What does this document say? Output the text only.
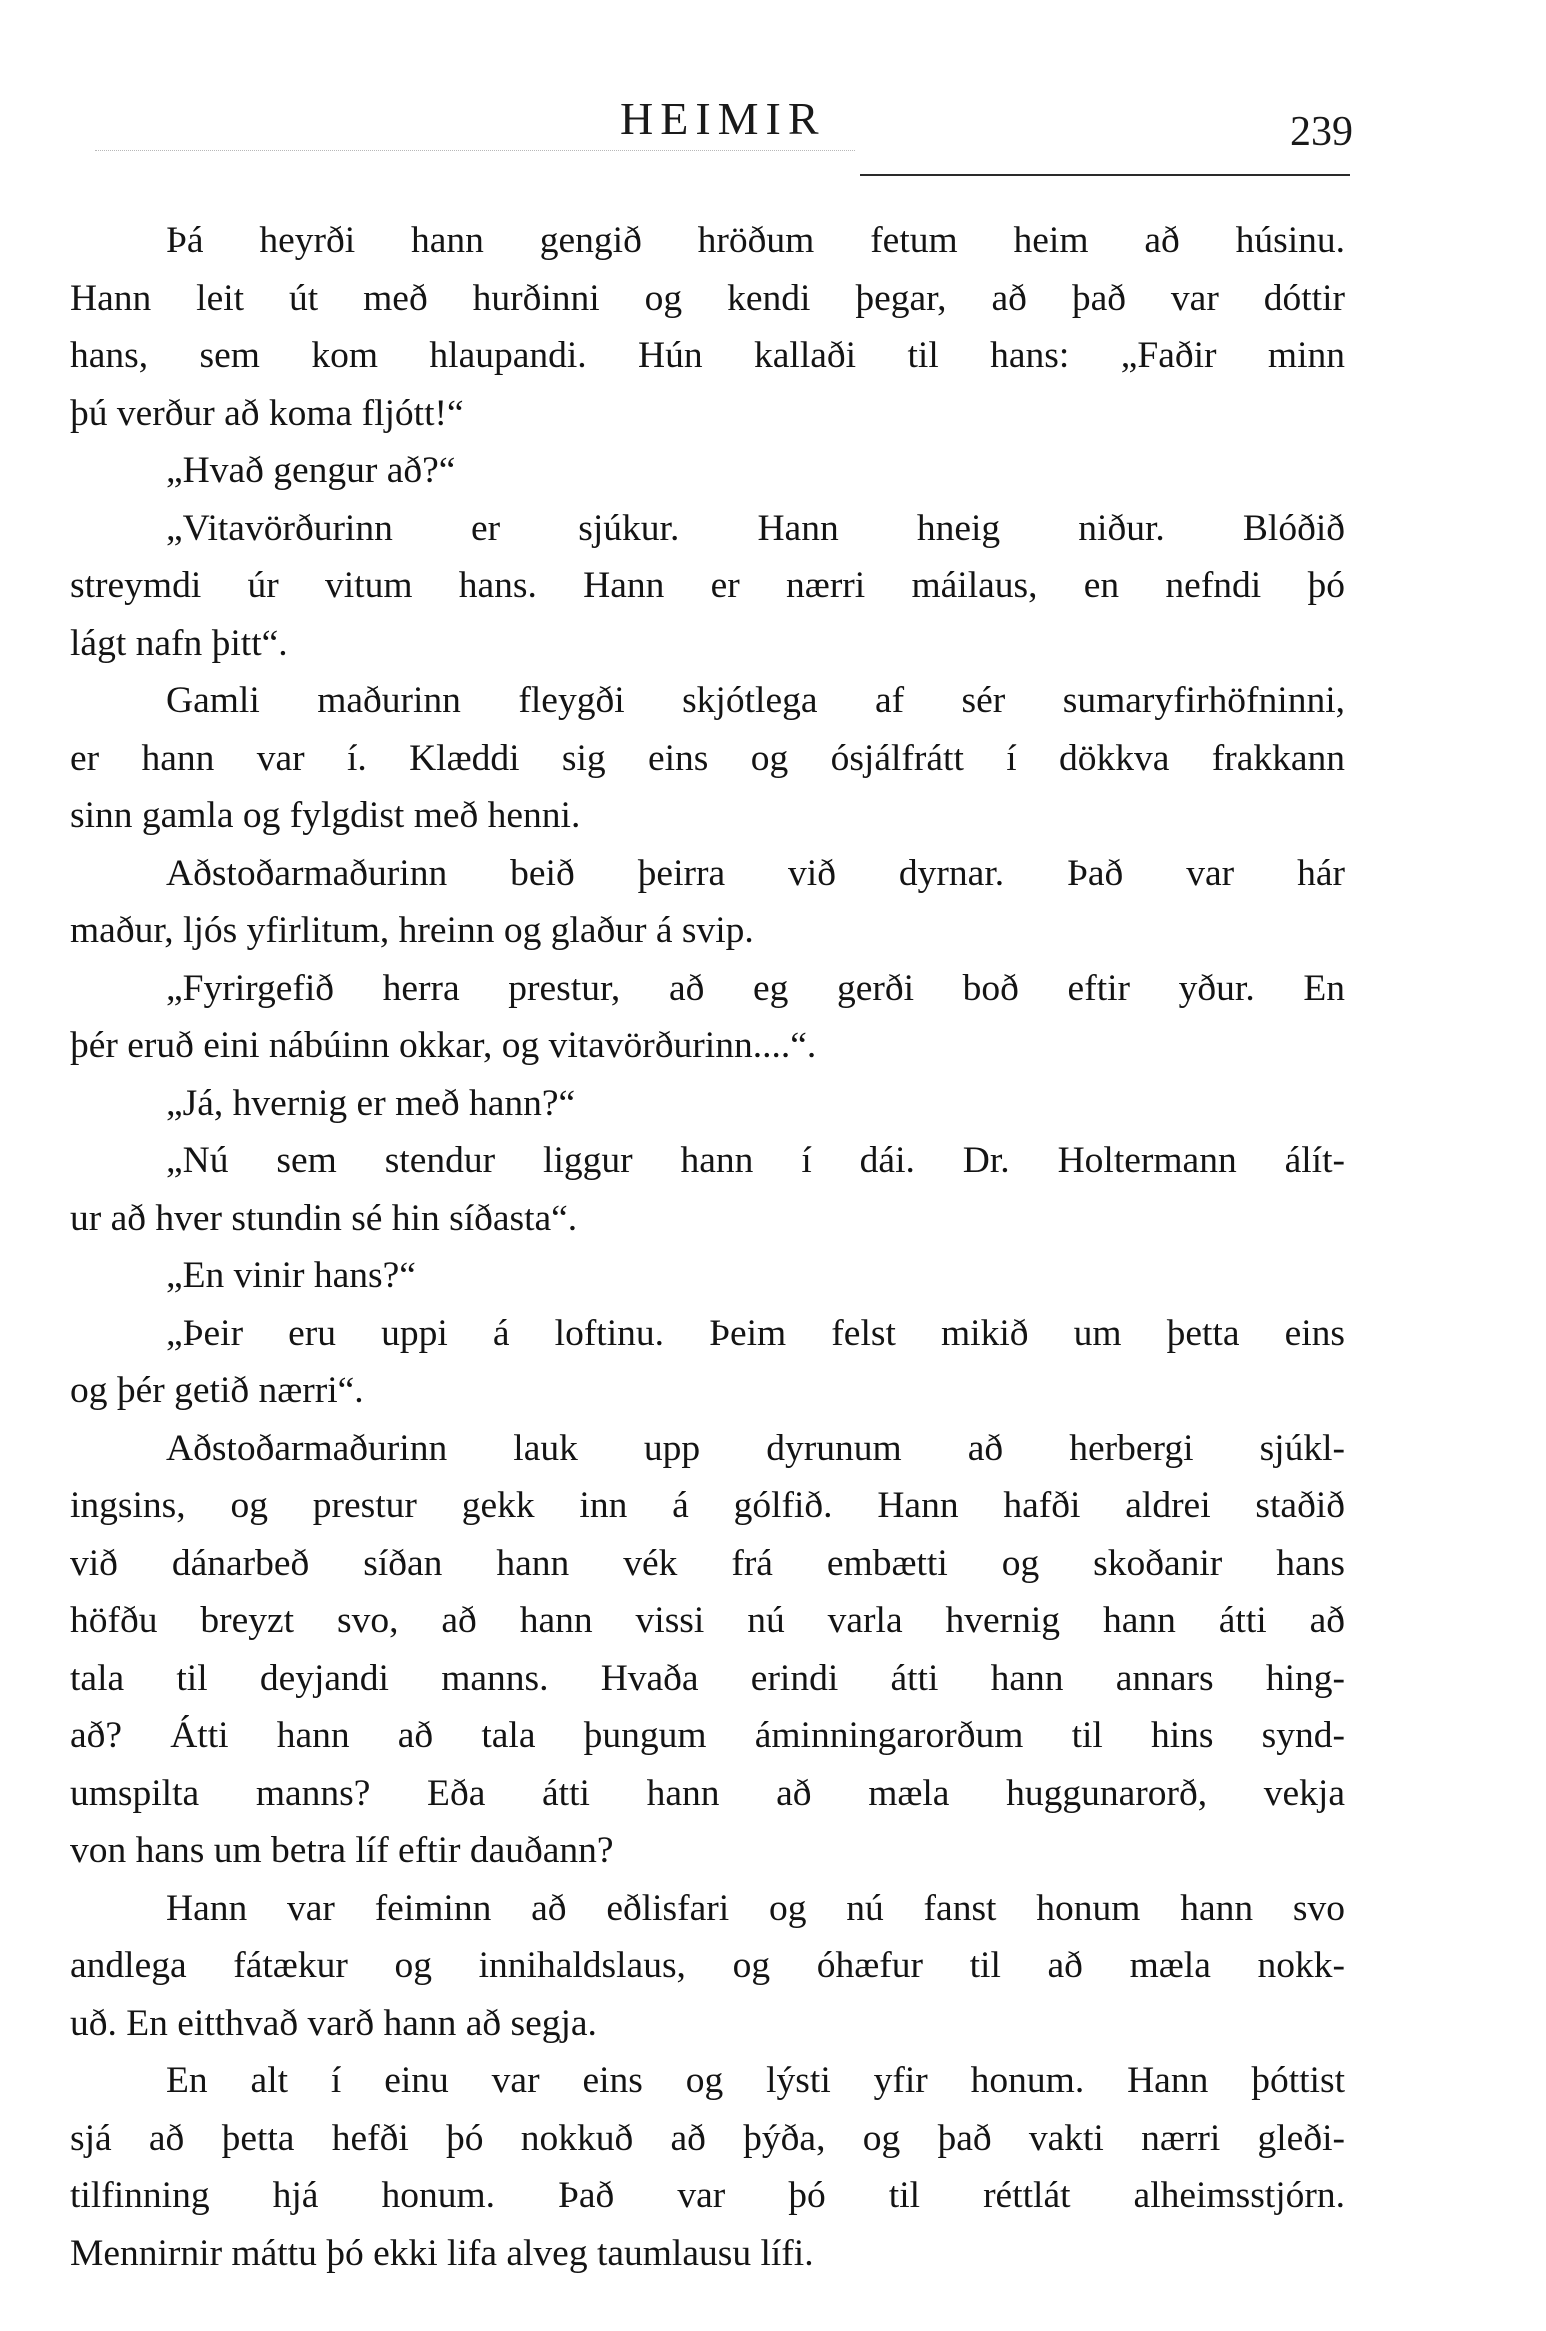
HEIMIR	239
Þá heyrði hann gengið hröðum fetum heim að húsinu.
Hann leit út með hurðinni og kendi þegar, að það var dóttir
hans, sem kom hlaupandi. Hún kallaði til hans: „Faðir minn
þú verður að koma fljótt!“
„Hvað gengur að?“
„Vitavörðurinn er sjúkur. Hann hneig niður. Blóðið
streymdi úr vitum hans. Hann er nærri máilaus, en nefndi þó
lágt nafn þitt“.
Gamli maðurinn fleygði skjótlega af sér sumaryfirhöfninni,
er hann var í. Klæddi sig eins og ósjálfrátt í dökkva frakkann
sinn gamla og fylgdist með henni.
Aðstoðarmaðurinn beið þeirra við dyrnar. Það var hár
maður, ljós yfirlitum, hreinn og glaður á svip.
„Fyrirgefið herra prestur, að eg gerði boð eftir yður. En
þér eruð eini nábúinn okkar, og vitavörðurinn....“.
„Já, hvernig er með hann?“
„Nú sem stendur liggur hann í dái. Dr. Holtermann álít-
ur að hver stundin sé hin síðasta“.
„En vinir hans?“
„Þeir eru uppi á loftinu. Þeim felst mikið um þetta eins
og þér getið nærri“.
Aðstoðarmaðurinn lauk upp dyrunum að herbergi sjúkl-
ingsins, og prestur gekk inn á gólfið. Hann hafði aldrei staðið
við dánarbeð síðan hann vék frá embætti og skoðanir hans
höfðu breyzt svo, að hann vissi nú varla hvernig hann átti að
tala til deyjandi manns. Hvaða erindi átti hann annars hing-
að? Átti hann að tala þungum áminningarorðum til hins synd-
umspilta manns? Eða átti hann að mæla huggunarorð, vekja
von hans um betra líf eftir dauðann?
Hann var feiminn að eðlisfari og nú fanst honum hann svo
andlega fátækur og innihaldslaus, og óhæfur til að mæla nokk-
uð. En eitthvað varð hann að segja.
En alt í einu var eins og lýsti yfir honum. Hann þóttist
sjá að þetta hefði þó nokkuð að þýða, og það vakti nærri gleði-
tilfinning hjá honum. Það var þó til réttlát alheimsstjórn.
Mennirnir máttu þó ekki lifa alveg taumlausu lífi.
